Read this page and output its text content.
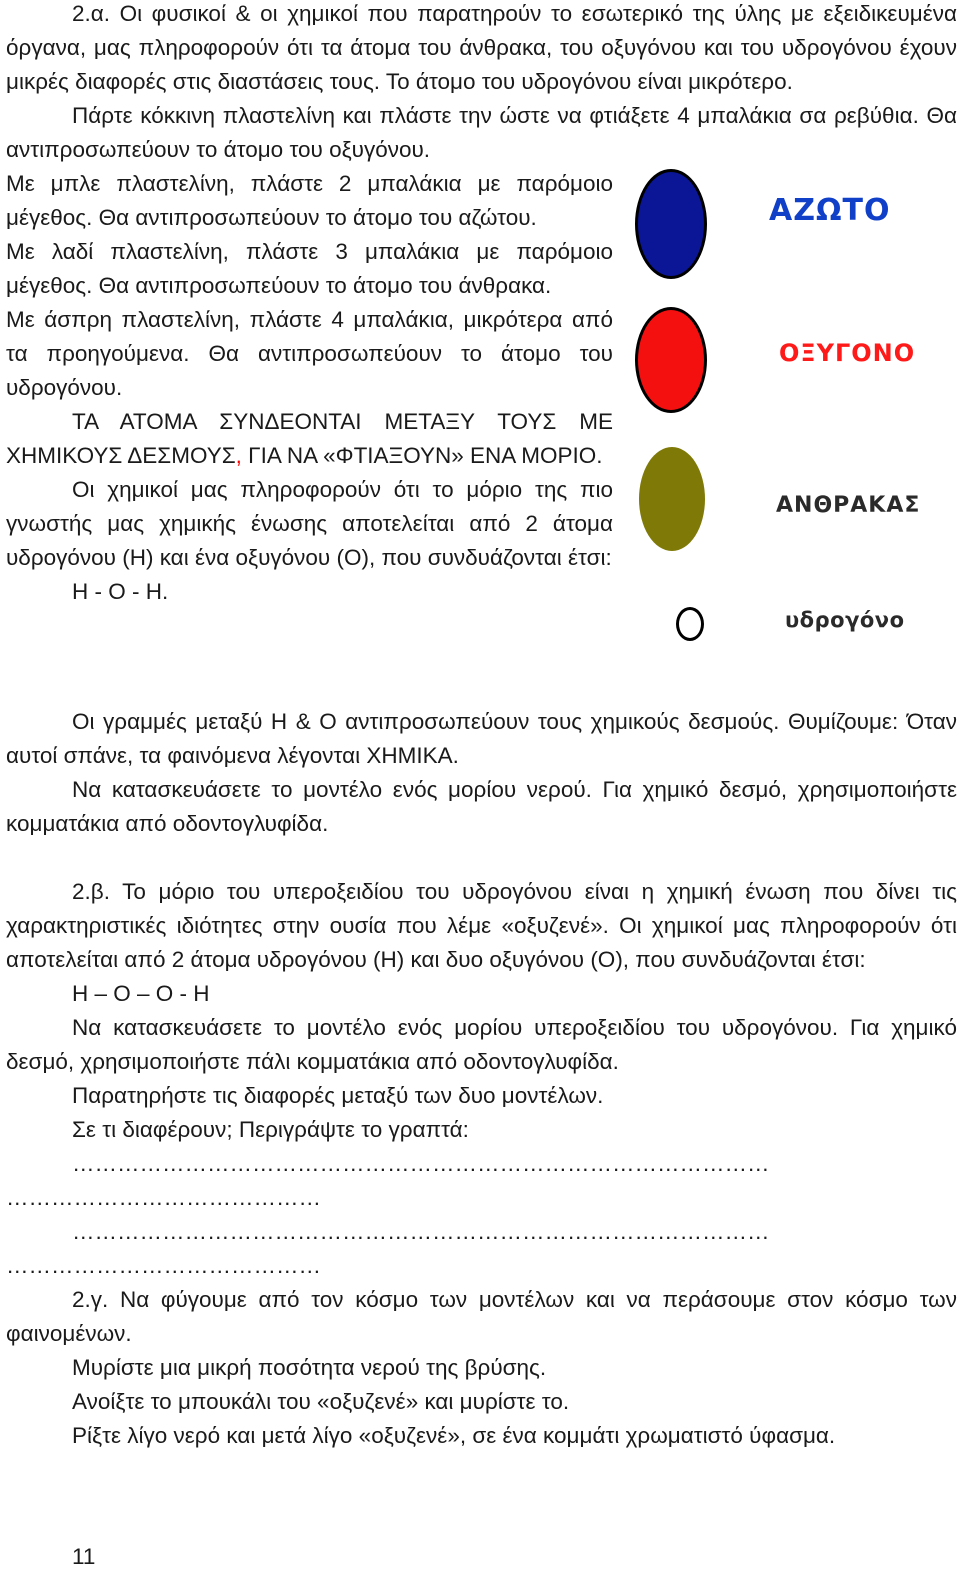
2.α. Οι φυσικοί & οι χημικοί που παρατηρούν το εσωτερικό της ύλης με εξειδικευμένα όργανα, μας πληροφορούν ότι τα άτομα του άνθρακα, του οξυγόνου και του υδρογόνου έχουν μικρές διαφορές στις διαστάσεις τους. Το άτομο του υδρογόνου είναι μικρότερο.

Πάρτε κόκκινη πλαστελίνη και πλάστε την ώστε να φτιάξετε 4 μπαλάκια σα ρεβύθια. Θα αντιπροσωπεύουν το άτομο του οξυγόνου.

ΑΖΩΤΟ
ΟΞΥΓΟΝΟ
ΑΝΘΡΑΚΑΣ
υδρογόνο

Με μπλε πλαστελίνη, πλάστε 2 μπαλάκια με παρόμοιο μέγεθος. Θα αντιπροσωπεύουν το άτομο του αζώτου.

Με λαδί πλαστελίνη, πλάστε 3 μπαλάκια με παρόμοιο μέγεθος. Θα αντιπροσωπεύουν το άτομο του άνθρακα.

Με άσπρη πλαστελίνη, πλάστε 4 μπαλάκια, μικρότερα από τα προηγούμενα. Θα αντιπροσωπεύουν το άτομο του υδρογόνου.

ΤΑ ΑΤΟΜΑ ΣΥΝΔΕΟΝΤΑΙ ΜΕΤΑΞΥ ΤΟΥΣ ΜΕ ΧΗΜΙΚΟΥΣ ΔΕΣΜΟΥΣ, ΓΙΑ ΝΑ «ΦΤΙΑΞΟΥΝ» ΕΝΑ ΜΟΡΙΟ.

Οι χημικοί μας πληροφορούν ότι το μόριο της πιο γνωστής μας χημικής ένωσης αποτελείται από 2 άτομα υδρογόνου (Η) και ένα οξυγόνου (Ο), που συνδυάζονται έτσι:

Η - Ο - Η.

Οι γραμμές μεταξύ Η & Ο αντιπροσωπεύουν τους χημικούς δεσμούς. Θυμίζουμε: Όταν αυτοί σπάνε, τα φαινόμενα λέγονται ΧΗΜΙΚΑ.

Να κατασκευάσετε το μοντέλο ενός μορίου νερού. Για χημικό δεσμό, χρησιμοποιήστε κομματάκια από οδοντογλυφίδα.

2.β. Το μόριο του υπεροξειδίου του υδρογόνου είναι η χημική ένωση που δίνει τις χαρακτηριστικές ιδιότητες στην ουσία που λέμε «οξυζενέ». Οι χημικοί μας πληροφορούν ότι αποτελείται από 2 άτομα υδρογόνου (Η) και δυο οξυγόνου (Ο), που συνδυάζονται έτσι:

Η – Ο – Ο - Η

Να κατασκευάσετε το μοντέλο ενός μορίου υπεροξειδίου του υδρογόνου. Για χημικό δεσμό, χρησιμοποιήστε πάλι κομματάκια από οδοντογλυφίδα.

Παρατηρήστε τις διαφορές μεταξύ των δυο μοντέλων.

Σε τι διαφέρουν; Περιγράψτε το γραπτά:

…………………………………………………………………………………

……………………………………

…………………………………………………………………………………

……………………………………

2.γ. Να φύγουμε από τον κόσμο των μοντέλων και να περάσουμε στον κόσμο των φαινομένων.

Μυρίστε μια μικρή ποσότητα νερού της βρύσης.

Ανοίξτε το μπουκάλι του «οξυζενέ» και μυρίστε το.

Ρίξτε λίγο νερό και μετά λίγο «οξυζενέ», σε ένα κομμάτι χρωματιστό ύφασμα.

11
